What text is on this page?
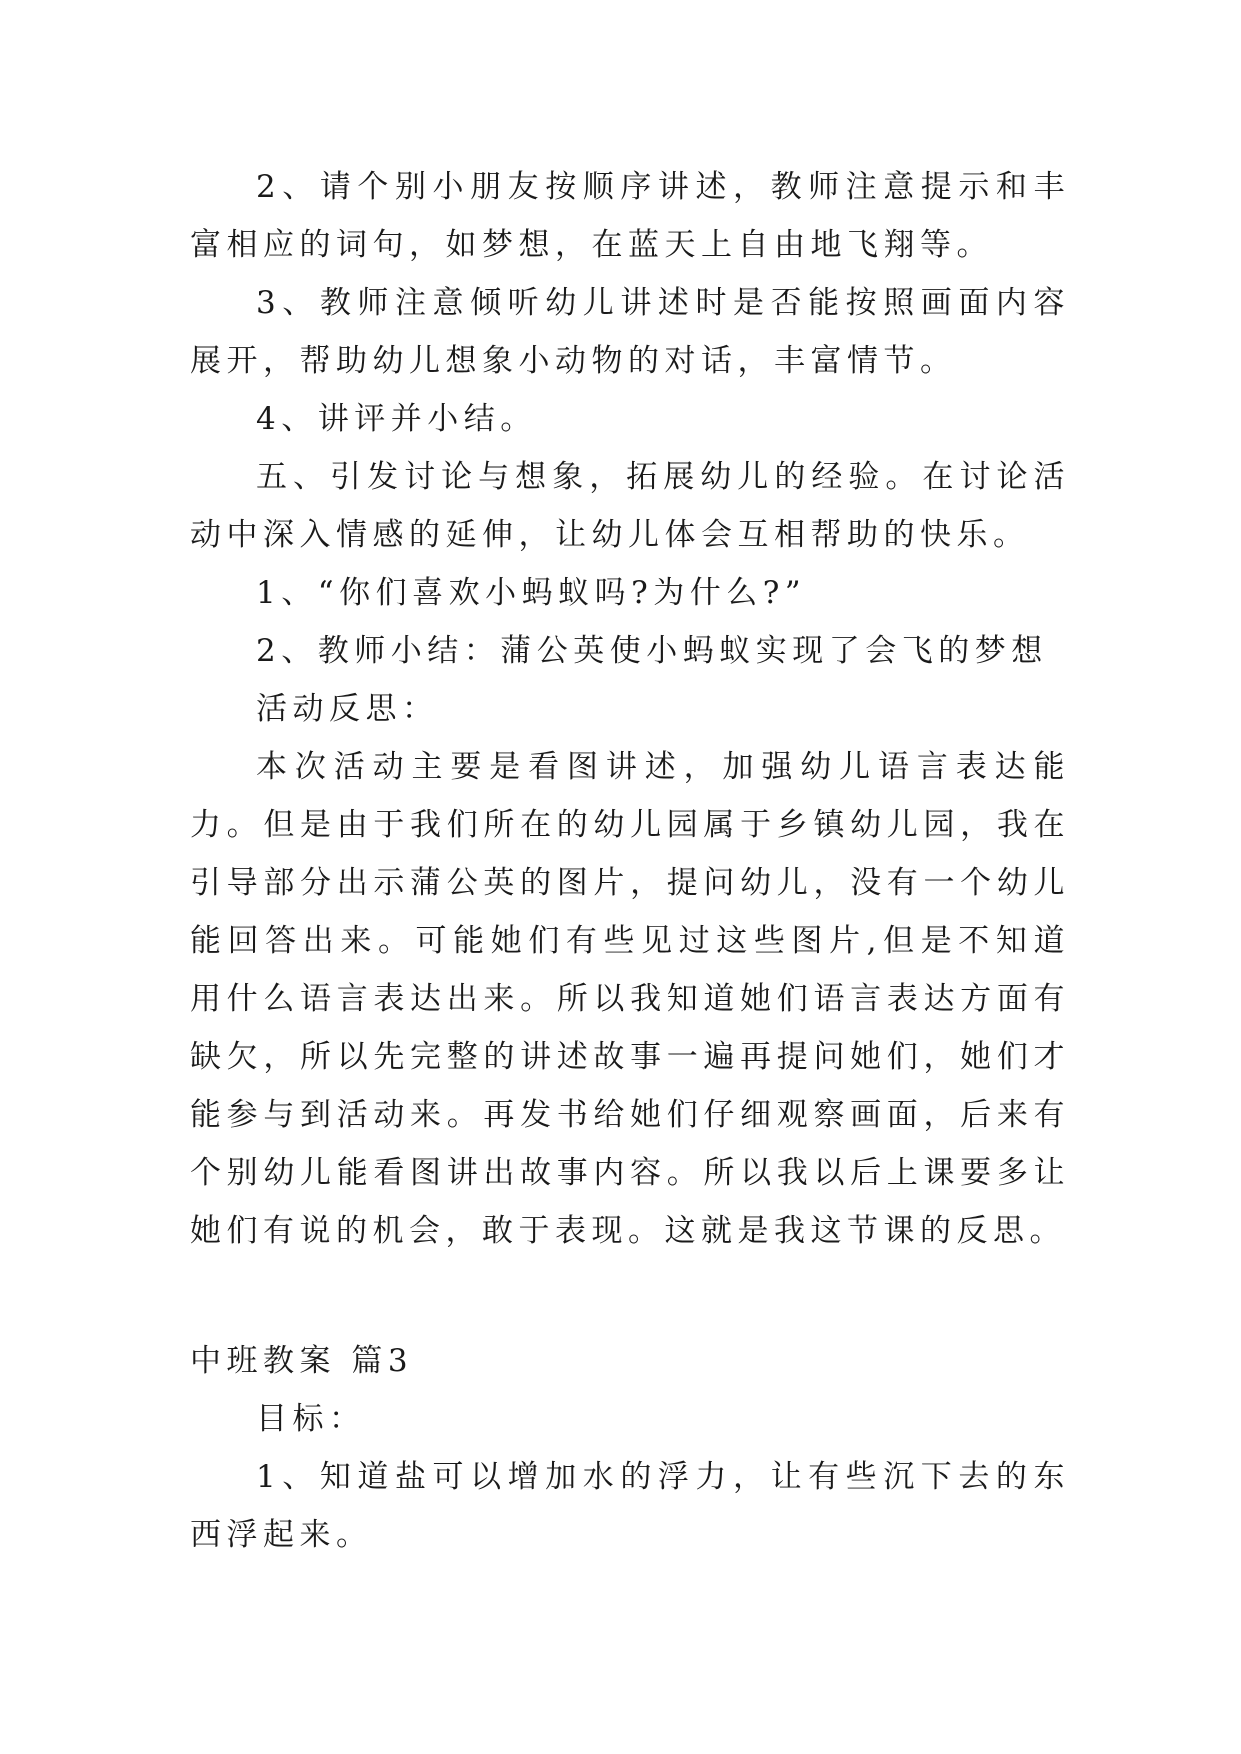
2、请个别小朋友按顺序讲述，教师注意提示和丰富相应的词句，如梦想，在蓝天上自由地飞翔等。

3、教师注意倾听幼儿讲述时是否能按照画面内容展开，帮助幼儿想象小动物的对话，丰富情节。

4、讲评并小结。

五、引发讨论与想象，拓展幼儿的经验。在讨论活动中深入情感的延伸，让幼儿体会互相帮助的快乐。

1、“你们喜欢小蚂蚁吗?为什么?”

2、教师小结：蒲公英使小蚂蚁实现了会飞的梦想

活动反思：

本次活动主要是看图讲述，加强幼儿语言表达能力。但是由于我们所在的幼儿园属于乡镇幼儿园，我在引导部分出示蒲公英的图片，提问幼儿，没有一个幼儿能回答出来。可能她们有些见过这些图片,但是不知道用什么语言表达出来。所以我知道她们语言表达方面有缺欠，所以先完整的讲述故事一遍再提问她们，她们才能参与到活动来。再发书给她们仔细观察画面，后来有个别幼儿能看图讲出故事内容。所以我以后上课要多让她们有说的机会，敢于表现。这就是我这节课的反思。

中班教案 篇3

目标：

1、知道盐可以增加水的浮力，让有些沉下去的东西浮起来。
